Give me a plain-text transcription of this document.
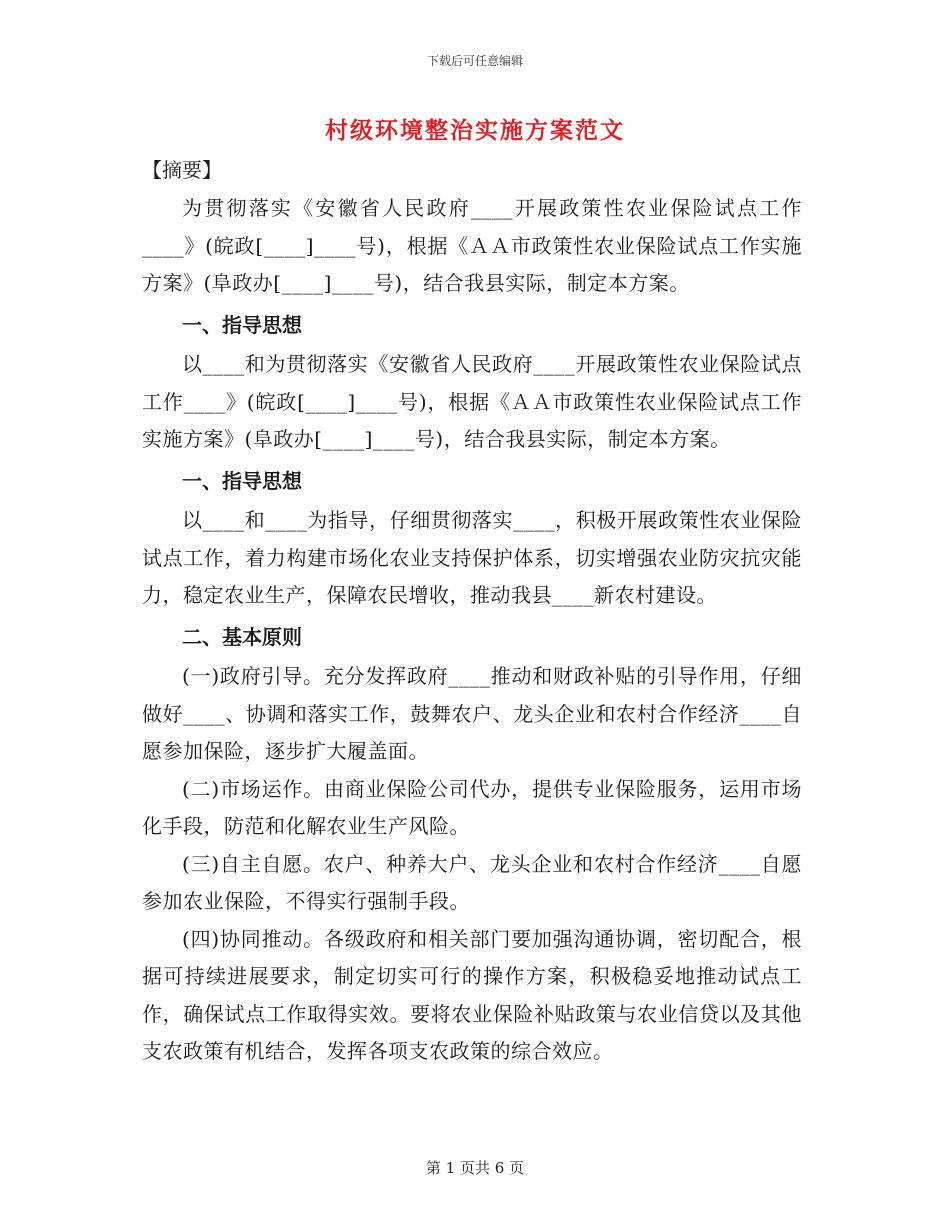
下载后可任意编辑
村级环境整治实施方案范文
【摘要】

为贯彻落实《安徽省人民政府____开展政策性农业保险试点工作____》(皖政[____]____号)，根据《ＡＡ市政策性农业保险试点工作实施方案》(阜政办[____]____号)，结合我县实际，制定本方案。

一、指导思想

以____和为贯彻落实《安徽省人民政府____开展政策性农业保险试点工作____》(皖政[____]____号)，根据《ＡＡ市政策性农业保险试点工作实施方案》(阜政办[____]____号)，结合我县实际，制定本方案。

一、指导思想

以____和____为指导，仔细贯彻落实____，积极开展政策性农业保险试点工作，着力构建市场化农业支持保护体系，切实增强农业防灾抗灾能力，稳定农业生产，保障农民增收，推动我县____新农村建设。

二、基本原则

(一)政府引导。充分发挥政府____推动和财政补贴的引导作用，仔细做好____、协调和落实工作，鼓舞农户、龙头企业和农村合作经济____自愿参加保险，逐步扩大履盖面。

(二)市场运作。由商业保险公司代办，提供专业保险服务，运用市场化手段，防范和化解农业生产风险。

(三)自主自愿。农户、种养大户、龙头企业和农村合作经济____自愿参加农业保险，不得实行强制手段。

(四)协同推动。各级政府和相关部门要加强沟通协调，密切配合，根据可持续进展要求，制定切实可行的操作方案，积极稳妥地推动试点工作，确保试点工作取得实效。要将农业保险补贴政策与农业信贷以及其他支农政策有机结合，发挥各项支农政策的综合效应。

第 1 页共 6 页
